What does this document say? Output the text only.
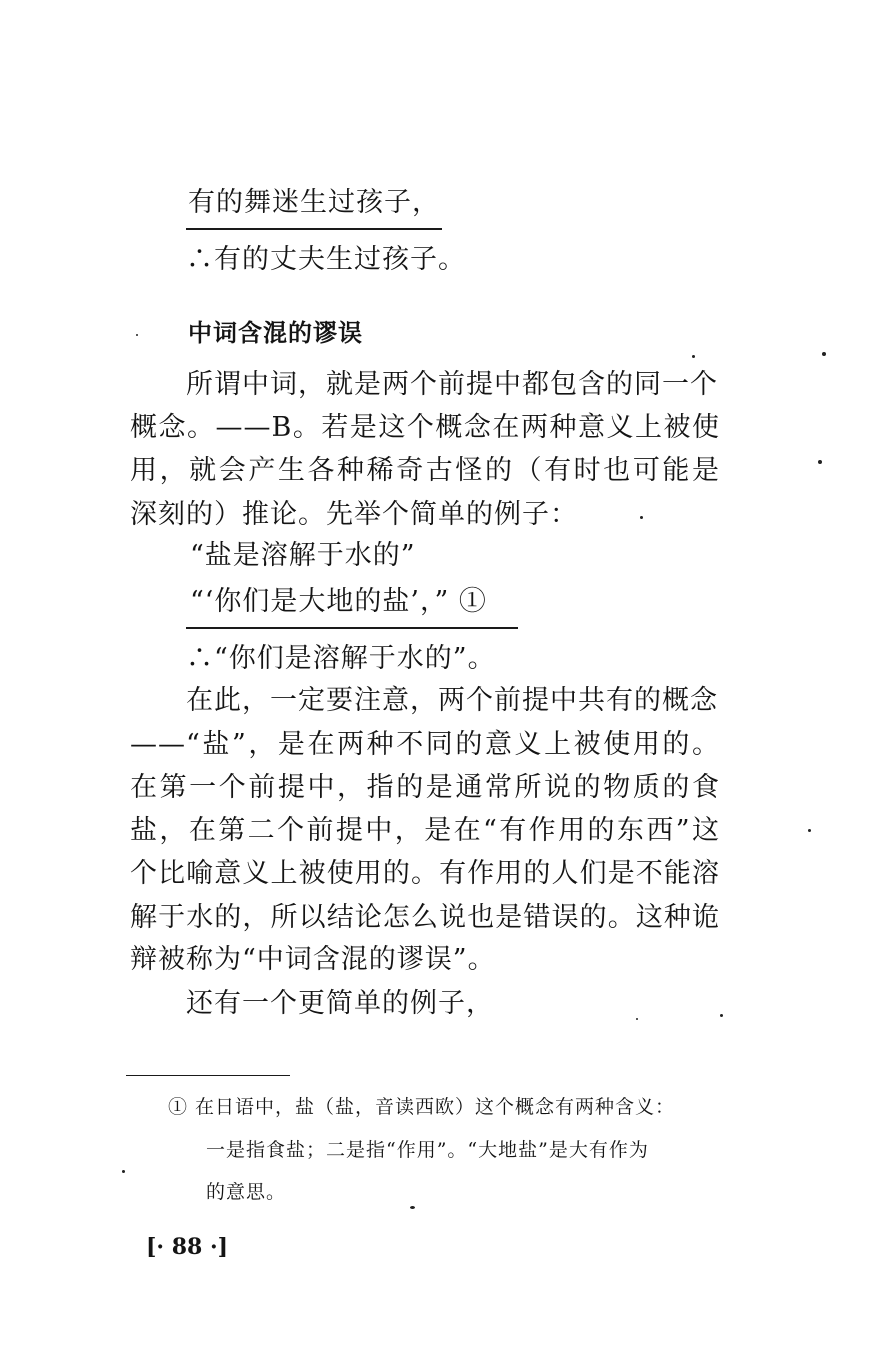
有的舞迷生过孩子，
∴有的丈夫生过孩子。
中词含混的谬误
所谓中词，就是两个前提中都包含的同一个
概念。——B。若是这个概念在两种意义上被使
用，就会产生各种稀奇古怪的（有时也可能是
深刻的）推论。先举个简单的例子：
“盐是溶解于水的”
“‘你们是大地的盐’，” ①
∴“你们是溶解于水的”。
在此，一定要注意，两个前提中共有的概念
——“盐”，是在两种不同的意义上被使用的。
在第一个前提中，指的是通常所说的物质的食
盐，在第二个前提中，是在“有作用的东西”这
个比喻意义上被使用的。有作用的人们是不能溶
解于水的，所以结论怎么说也是错误的。这种诡
辩被称为“中词含混的谬误”。
还有一个更简单的例子，
① 在日语中，盐（盐，音读西欧）这个概念有两种含义：
一是指食盐；二是指“作用”。“大地盐”是大有作为
的意思。
[· 88 ·]
